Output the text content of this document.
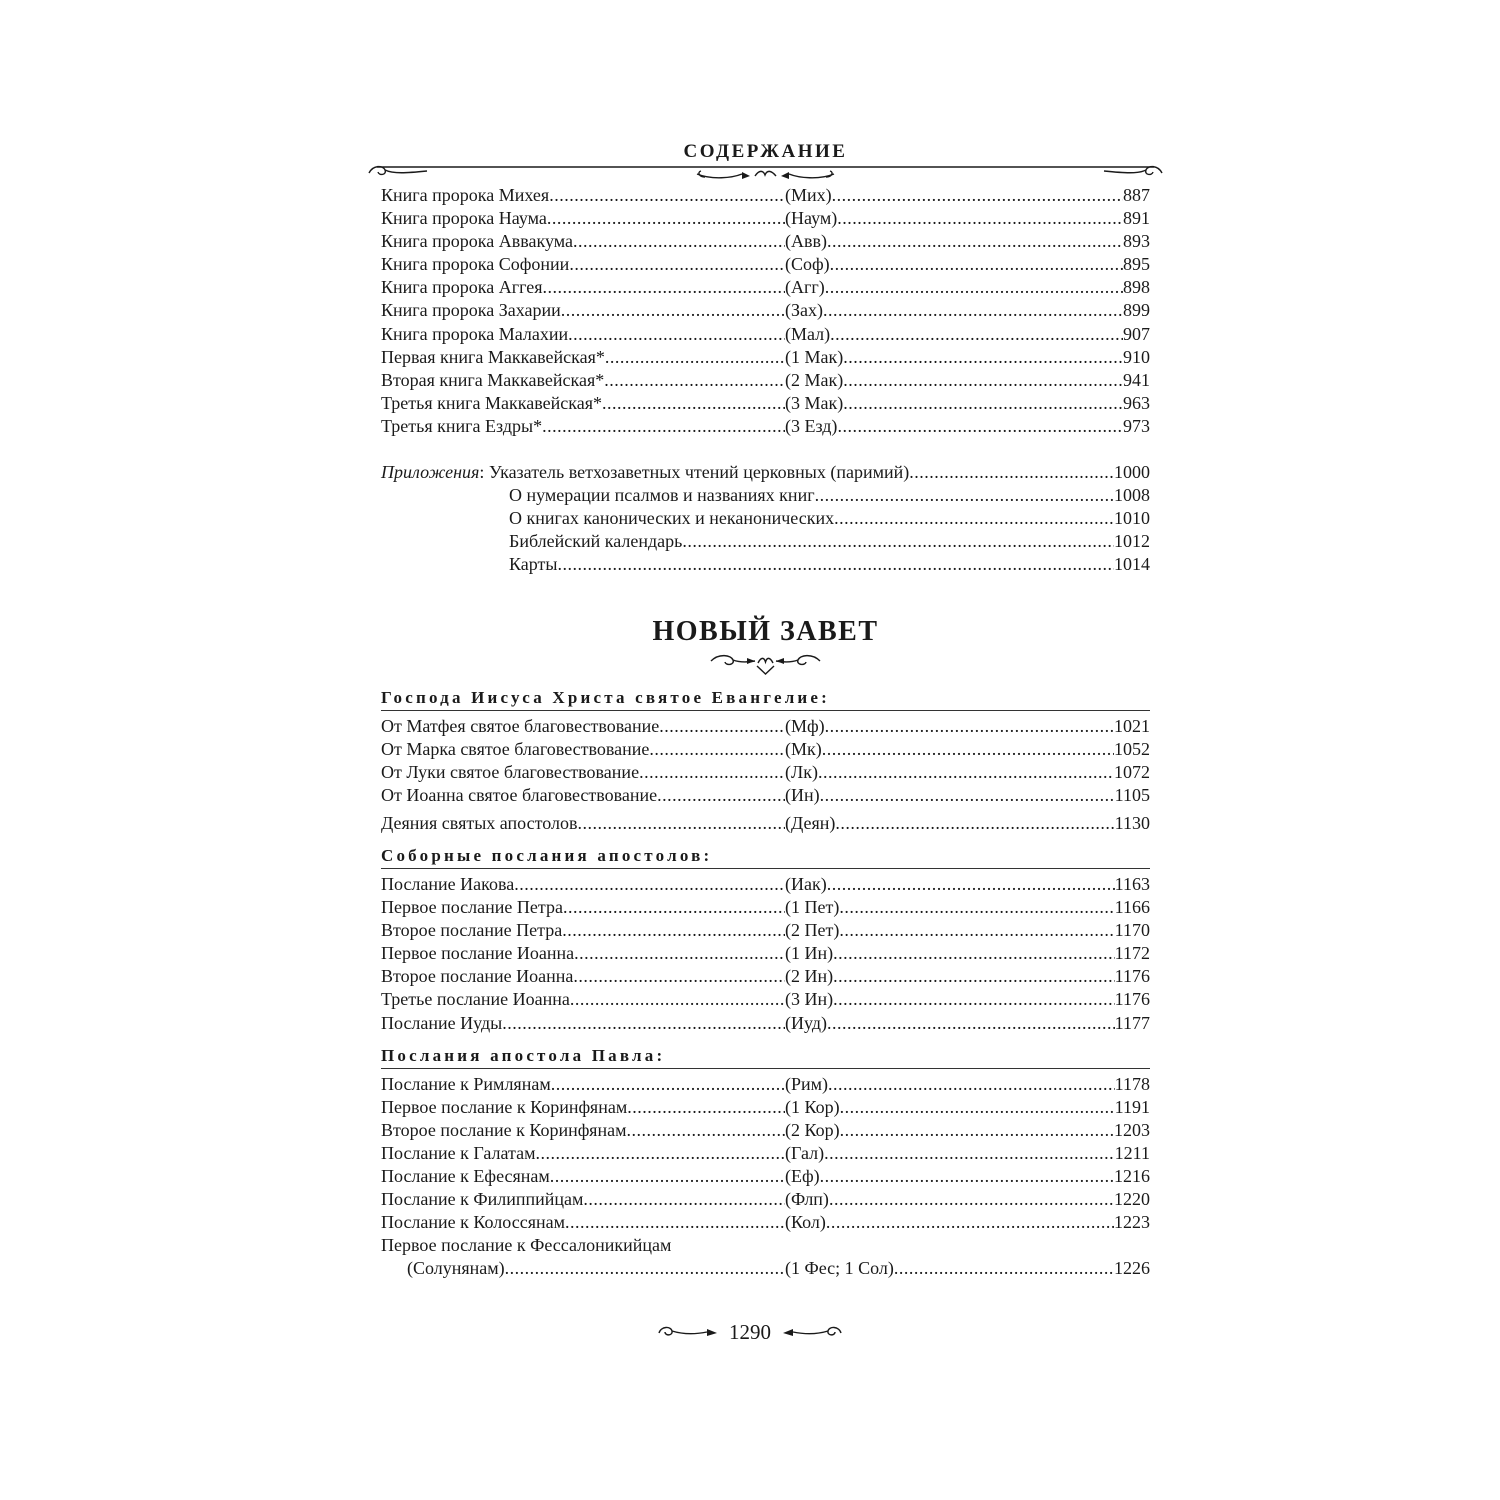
СОДЕРЖАНИЕ
Книга пророка Михея .....	(Мих) .....	887
Книга пророка Наума .....	(Наум) .....	891
Книга пророка Аввакума .....	(Авв) .....	893
Книга пророка Софонии .....	(Соф) .....	895
Книга пророка Аггея .....	(Агг) .....	898
Книга пророка Захарии .....	(Зах) .....	899
Книга пророка Малахии .....	(Мал) .....	907
Первая книга Маккавейская* .....	(1 Мак) .....	910
Вторая книга Маккавейская* .....	(2 Мак) .....	941
Третья книга Маккавейская* .....	(3 Мак) .....	963
Третья книга Ездры* .....	(3 Езд) .....	973
Приложения: Указатель ветхозаветных чтений церковных (паримий) .....	1000
О нумерации псалмов и названиях книг .....	1008
О книгах канонических и неканонических .....	1010
Библейский календарь .....	1012
Карты .....	1014
НОВЫЙ ЗАВЕТ
Господа Иисуса Христа святое Евангелие:
От Матфея святое благовествование .....	(Мф) .....	1021
От Марка святое благовествование .....	(Мк) .....	1052
От Луки святое благовествование .....	(Лк) .....	1072
От Иоанна святое благовествование .....	(Ин) .....	1105
Деяния святых апостолов .....	(Деян) .....	1130
Соборные послания апостолов:
Послание Иакова .....	(Иак) .....	1163
Первое послание Петра .....	(1 Пет) .....	1166
Второе послание Петра .....	(2 Пет) .....	1170
Первое послание Иоанна .....	(1 Ин) .....	1172
Второе послание Иоанна .....	(2 Ин) .....	1176
Третье послание Иоанна .....	(3 Ин) .....	1176
Послание Иуды .....	(Иуд) .....	1177
Послания апостола Павла:
Послание к Римлянам .....	(Рим) .....	1178
Первое послание к Коринфянам .....	(1 Кор) .....	1191
Второе послание к Коринфянам .....	(2 Кор) .....	1203
Послание к Галатам .....	(Гал) .....	1211
Послание к Ефесянам .....	(Еф) .....	1216
Послание к Филиппийцам .....	(Флп) .....	1220
Послание к Колоссянам .....	(Кол) .....	1223
Первое послание к Фессалоникийцам
(Солунянам) .....	(1 Фес; 1 Сол) .....	1226
1290
